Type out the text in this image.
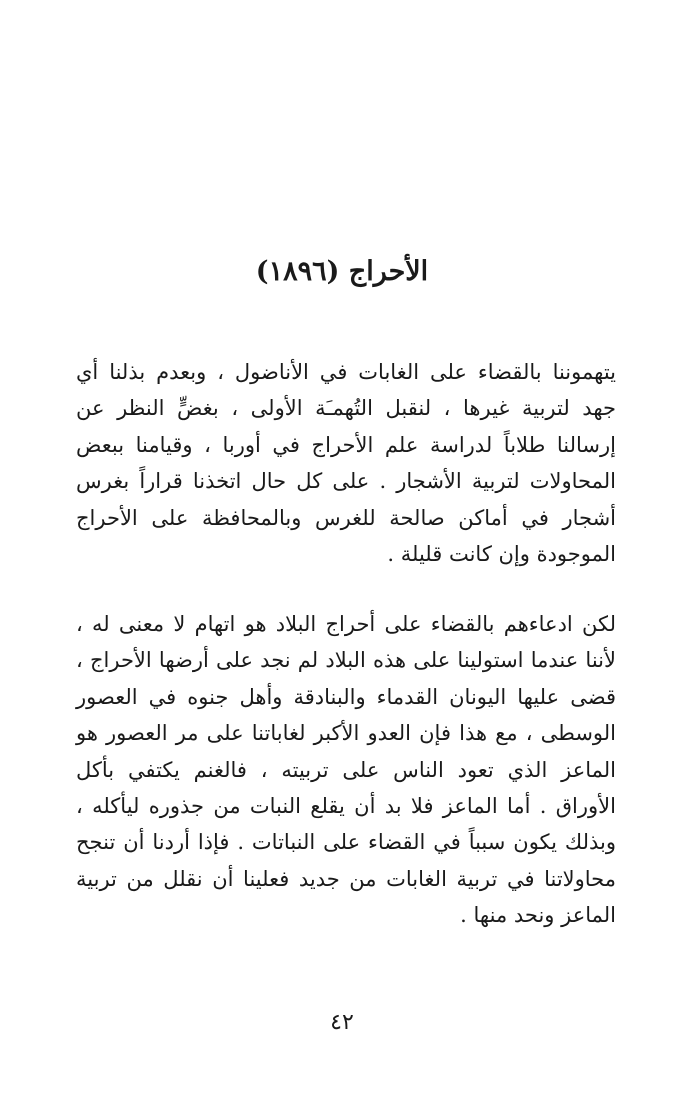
الأحراج (١٨٩٦)

يتهموننا بالقضاء على الغابات في الأناضول ، وبعدم بذلنا أي جهد لتربية غيرها ، لنقبل التُهمـَة الأولى ، بغضٍّ النظر عن إرسالنا طلاباً لدراسة علم الأحراج في أوربا ، وقيامنا ببعض المحاولات لتربية الأشجار . على كل حال اتخذنا قراراً بغرس أشجار في أماكن صالحة للغرس وبالمحافظة على الأحراج الموجودة وإن كانت قليلة .

لكن ادعاءهم بالقضاء على أحراج البلاد هو اتهام لا معنى له ، لأننا عندما استولينا على هذه البلاد لم نجد على أرضها الأحراج ، قضى عليها اليونان القدماء والبنادقة وأهل جنوه في العصور الوسطى ، مع هذا فإن العدو الأكبر لغاباتنا على مر العصور هو الماعز الذي تعود الناس على تربيته ، فالغنم يكتفي بأكل الأوراق . أما الماعز فلا بد أن يقلع النبات من جذوره ليأكله ، وبذلك يكون سبباً في القضاء على النباتات . فإذا أردنا أن تنجح محاولاتنا في تربية الغابات من جديد فعلينا أن نقلل من تربية الماعز ونحد منها .

٤٢
